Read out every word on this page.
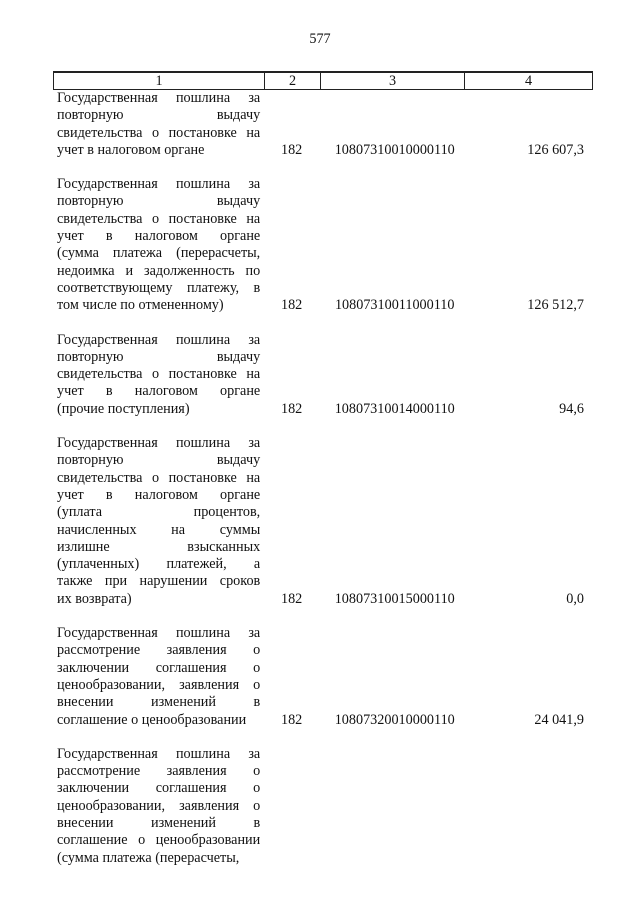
577
1	2	3	4
Государственная пошлина за
повторную выдачу
свидетельства о постановке на
учет в налоговом органе	182	10807310010000110	126 607,3
Государственная пошлина за
повторную выдачу
свидетельства о постановке на
учет в налоговом органе
(сумма платежа (перерасчеты,
недоимка и задолженность по
соответствующему платежу, в
том числе по отмененному)	182	10807310011000110	126 512,7
Государственная пошлина за
повторную выдачу
свидетельства о постановке на
учет в налоговом органе
(прочие поступления)	182	10807310014000110	94,6
Государственная пошлина за
повторную выдачу
свидетельства о постановке на
учет в налоговом органе
(уплата процентов,
начисленных на суммы
излишне взысканных
(уплаченных) платежей, а
также при нарушении сроков
их возврата)	182	10807310015000110	0,0
Государственная пошлина за
рассмотрение заявления о
заключении соглашения о
ценообразовании, заявления о
внесении изменений в
соглашение о ценообразовании	182	10807320010000110	24 041,9
Государственная пошлина за
рассмотрение заявления о
заключении соглашения о
ценообразовании, заявления о
внесении изменений в
соглашение о ценообразовании
(сумма платежа (перерасчеты,
